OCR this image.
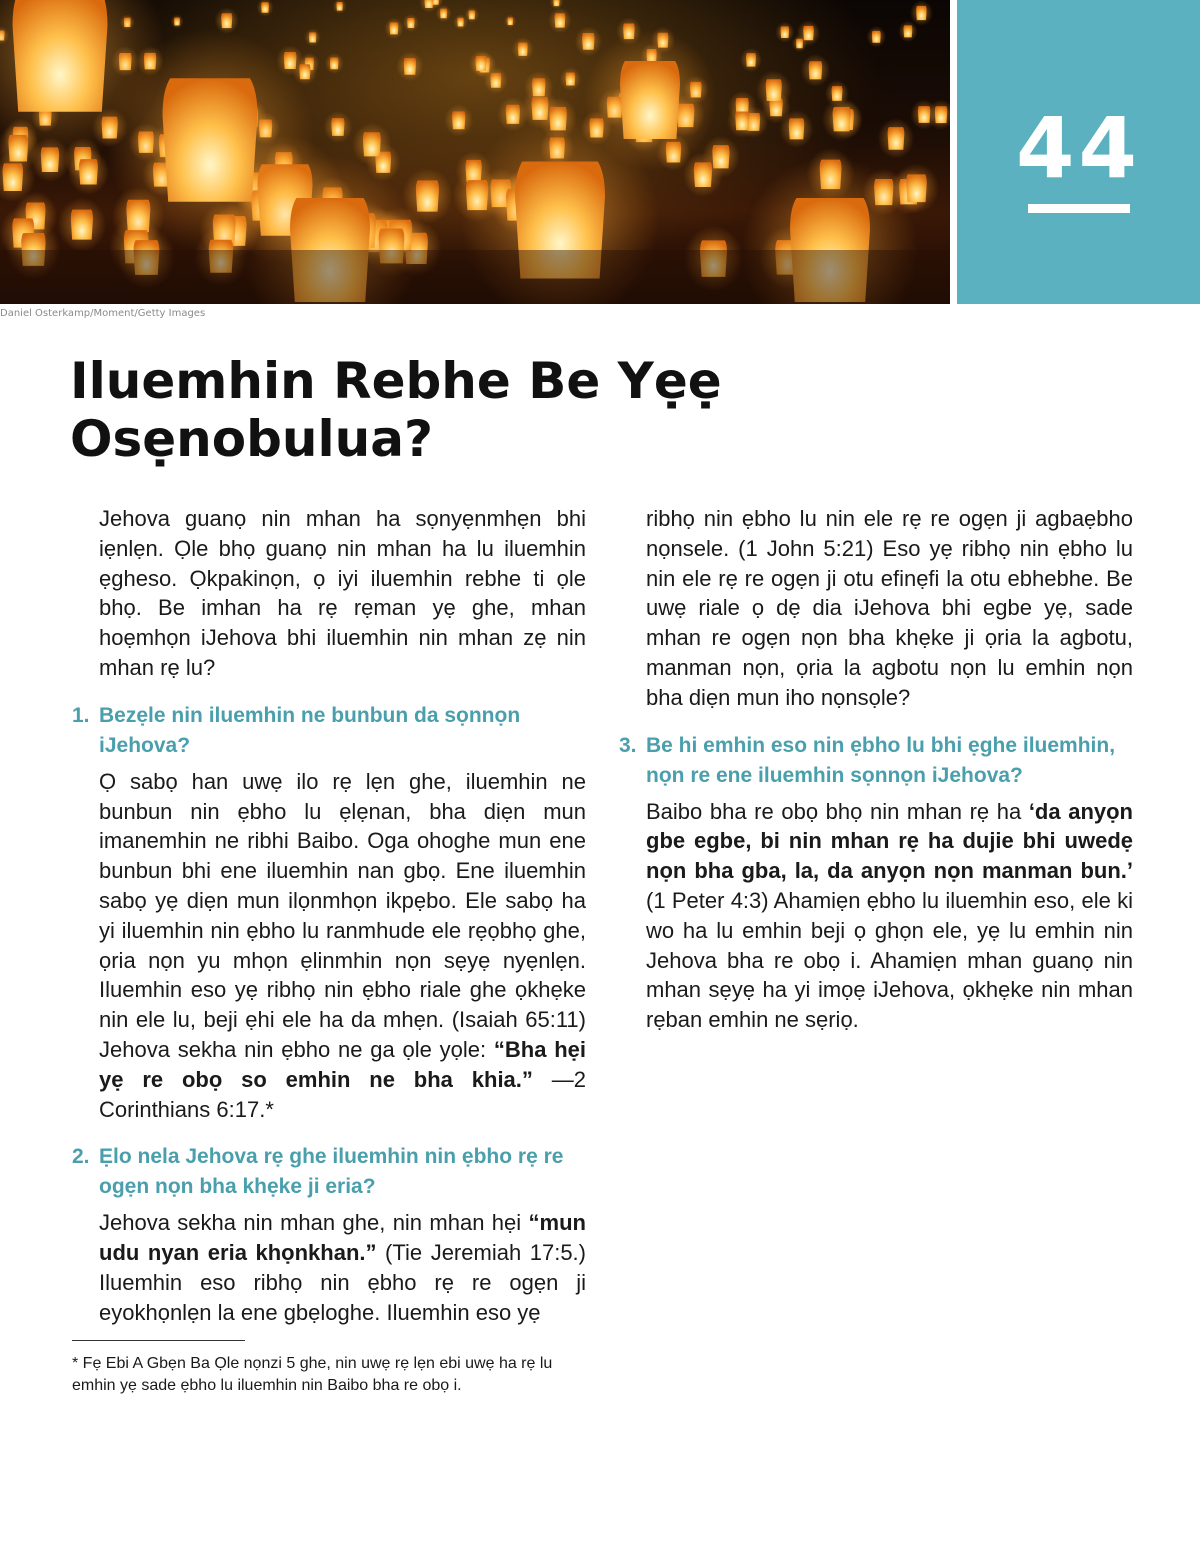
44
Daniel Osterkamp/Moment/Getty Images
Iluemhin Rebhe Be Yẹẹ
Osẹnobulua?

Jehova guanọ nin mhan ha sọnyẹnmhẹn bhi iẹnlẹn. Ọle bhọ guanọ nin mhan ha lu iluemhin ẹgheso. Ọkpakinọn, ọ iyi iluemhin rebhe ti ọle bhọ. Be imhan ha rẹ rẹman yẹ ghe, mhan hoẹmhọn iJehova bhi iluemhin nin mhan zẹ nin mhan rẹ lu?

1. Bezẹle nin iluemhin ne bunbun da sọnnọn iJehova?

Ọ sabọ han uwẹ ilo rẹ lẹn ghe, iluemhin ne bunbun nin ẹbho lu ẹlẹnan, bha diẹn mun imanemhin ne ribhi Baibo. Oga ohoghe mun ene bunbun bhi ene iluemhin nan gbọ. Ene iluemhin sabọ yẹ diẹn mun ilọnmhọn ikpẹbo. Ele sabọ ha yi iluemhin nin ẹbho lu ranmhude ele rẹọbhọ ghe, ọria nọn yu mhọn ẹlinmhin nọn sẹyẹ nyẹnlẹn. Iluemhin eso yẹ ribhọ nin ẹbho riale ghe ọkhẹke nin ele lu, beji ẹhi ele ha da mhẹn. (Isaiah 65:11) Jehova sekha nin ẹbho ne ga ọle yọle: “Bha hẹi yẹ re obọ so emhin ne bha khia.” —2 Corinthians 6:17.*

2. Ẹlo nela Jehova rẹ ghe iluemhin nin ẹbho rẹ re ogẹn nọn bha khẹke ji eria?

Jehova sekha nin mhan ghe, nin mhan hẹi “mun udu nyan eria khọnkhan.” (Tie Jeremiah 17:5.) Iluemhin eso ribhọ nin ẹbho rẹ re ogẹn ji eyokhọnlẹn la ene gbẹloghe. Iluemhin eso yẹ

* Fẹ Ebi A Gbẹn Ba Ọle nọnzi 5 ghe, nin uwẹ rẹ lẹn ebi uwẹ ha rẹ lu emhin yẹ sade ẹbho lu iluemhin nin Baibo bha re obọ i.

ribhọ nin ẹbho lu nin ele rẹ re ogẹn ji agbaẹbho nọnsele. (1 John 5:21) Eso yẹ ribhọ nin ẹbho lu nin ele rẹ re ogẹn ji otu efinẹfi la otu ebhebhe. Be uwẹ riale ọ dẹ dia iJehova bhi egbe yẹ, sade mhan re ogẹn nọn bha khẹke ji ọria la agbotu, manman nọn, ọria la agbotu nọn lu emhin nọn bha diẹn mun iho nọnsọle?

3. Be hi emhin eso nin ẹbho lu bhi ẹghe iluemhin, nọn re ene iluemhin sọnnọn iJehova?

Baibo bha re obọ bhọ nin mhan rẹ ha ‘da anyọn gbe egbe, bi nin mhan rẹ ha dujie bhi uwedẹ nọn bha gba, la, da anyọn nọn manman bun.’ (1 Peter 4:3) Ahamiẹn ẹbho lu iluemhin eso, ele ki wo ha lu emhin beji ọ ghọn ele, yẹ lu emhin nin Jehova bha re obọ i. Ahamiẹn mhan guanọ nin mhan sẹyẹ ha yi imọẹ iJehova, ọkhẹke nin mhan rẹban emhin ne sẹriọ.
